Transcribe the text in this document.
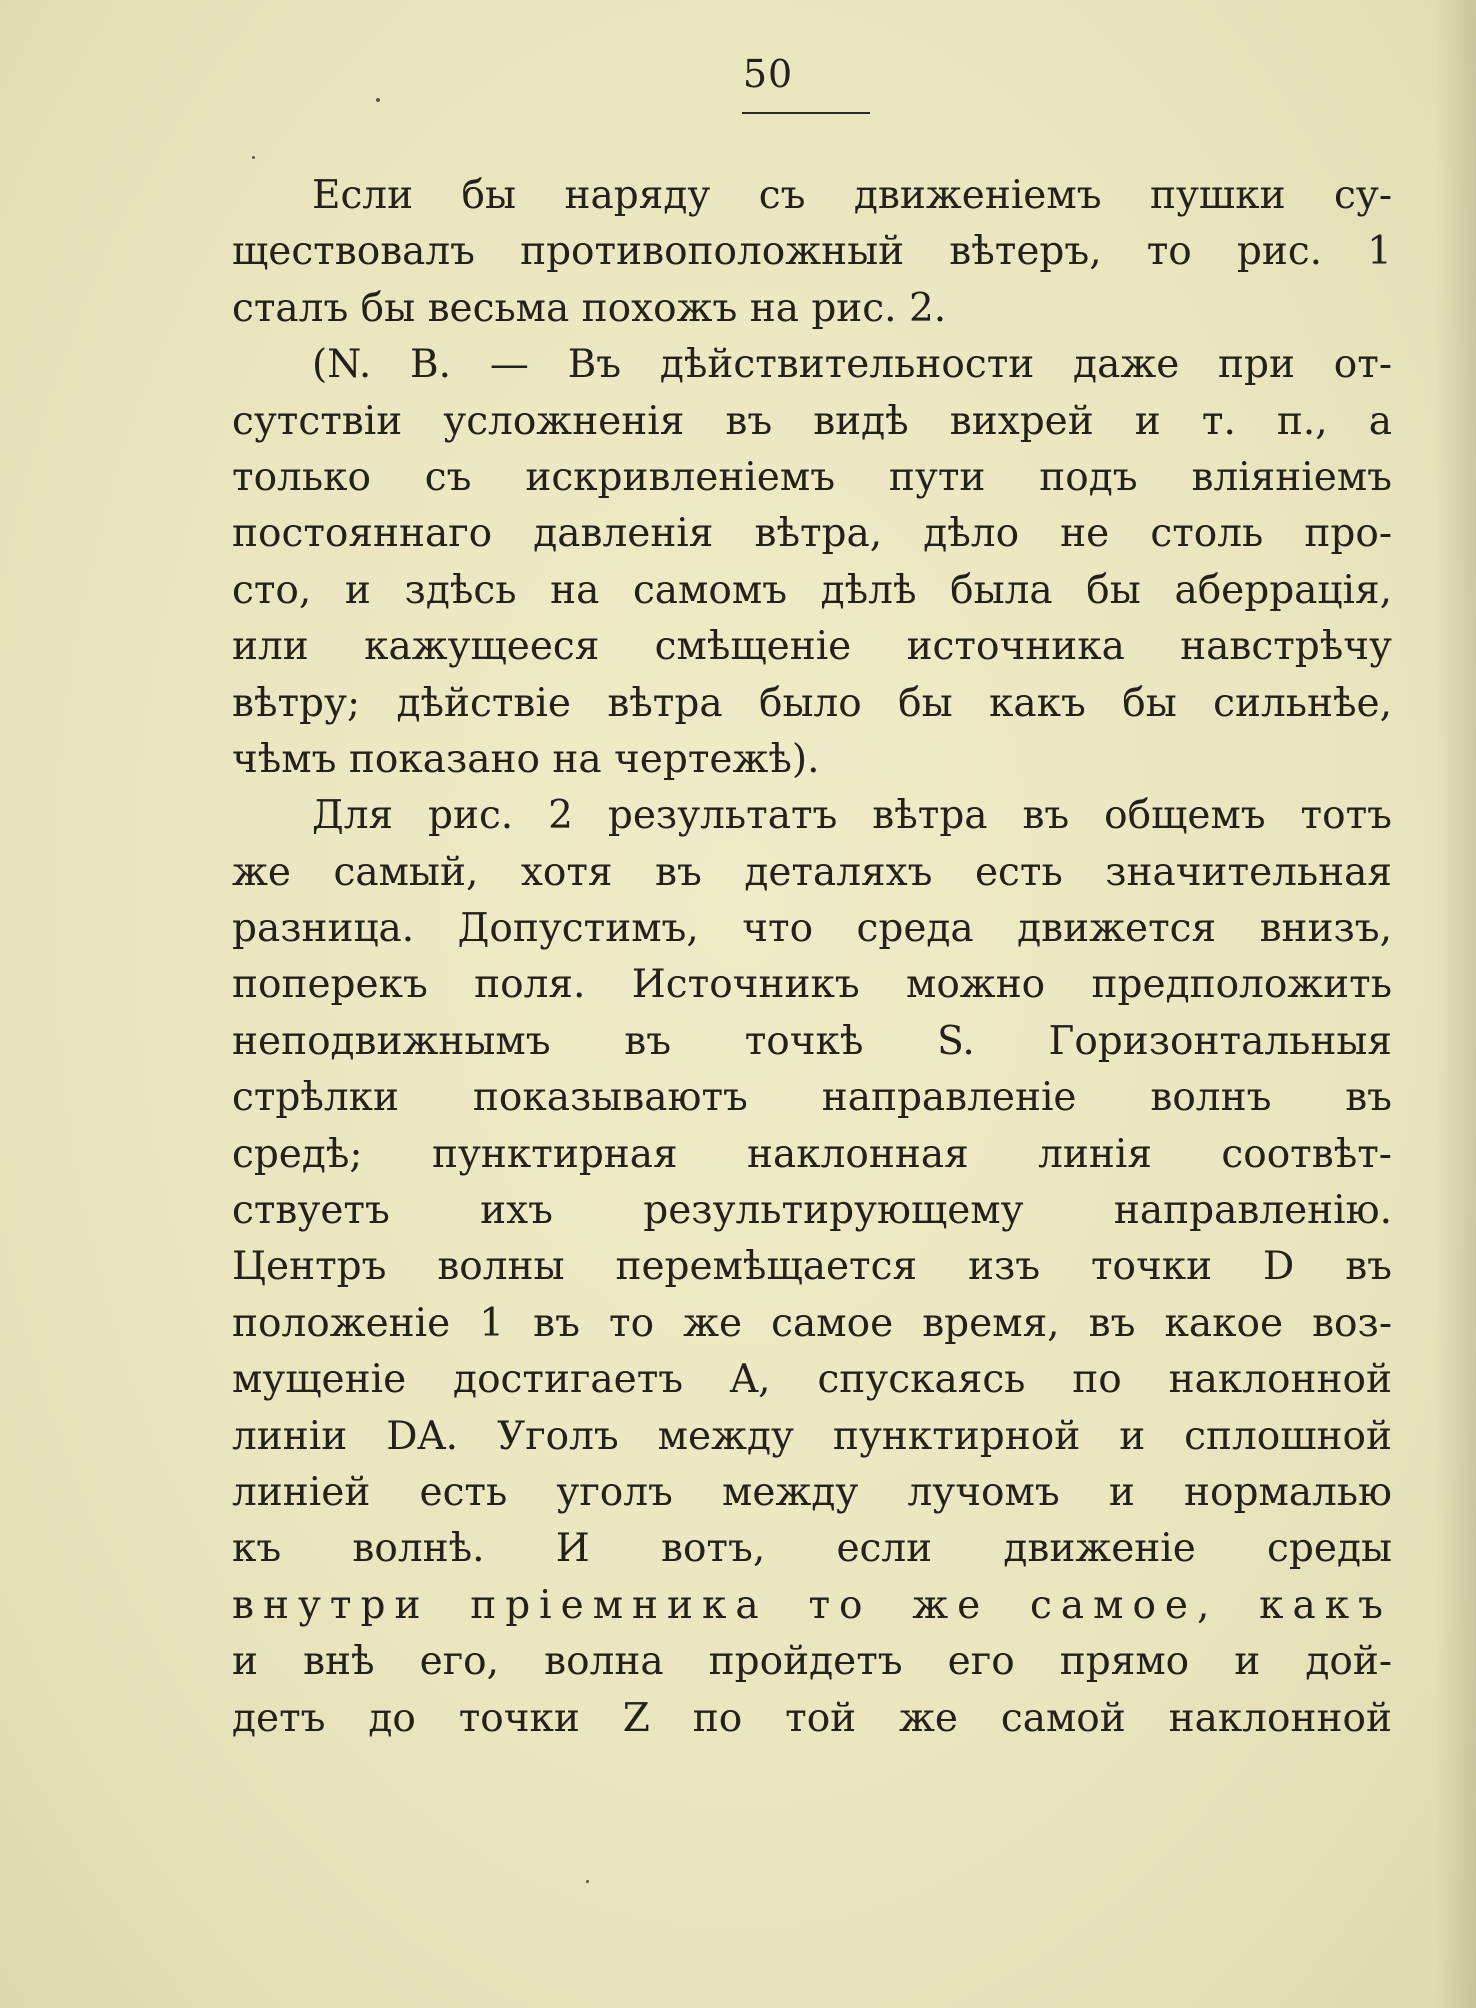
50
Если бы наряду съ движеніемъ пушки су-
ществовалъ противоположный вѣтеръ, то рис. 1
сталъ бы весьма похожъ на рис. 2.
(N. B. — Въ дѣйствительности даже при от-
сутствіи усложненія въ видѣ вихрей и т. п., а
только съ искривленіемъ пути подъ вліяніемъ
постояннаго давленія вѣтра, дѣло не столь про-
сто, и здѣсь на самомъ дѣлѣ была бы аберрація,
или кажущееся смѣщеніе источника навстрѣчу
вѣтру; дѣйствіе вѣтра было бы какъ бы сильнѣе,
чѣмъ показано на чертежѣ).
Для рис. 2 результатъ вѣтра въ общемъ тотъ
же самый, хотя въ деталяхъ есть значительная
разница. Допустимъ, что среда движется внизъ,
поперекъ поля. Источникъ можно предположить
неподвижнымъ въ точкѣ S. Горизонтальныя
стрѣлки показываютъ направленіе волнъ въ
средѣ; пунктирная наклонная линія соотвѣт-
ствуетъ ихъ результирующему направленію.
Центръ волны перемѣщается изъ точки D въ
положеніе 1 въ то же самое время, въ какое воз-
мущеніе достигаетъ A, спускаясь по наклонной
линіи DA. Уголъ между пунктирной и сплошной
линіей есть уголъ между лучомъ и нормалью
къ волнѣ. И вотъ, если движеніе среды
внутри пріемника то же самое, какъ
и внѣ его, волна пройдетъ его прямо и дой-
детъ до точки Z по той же самой наклонной
